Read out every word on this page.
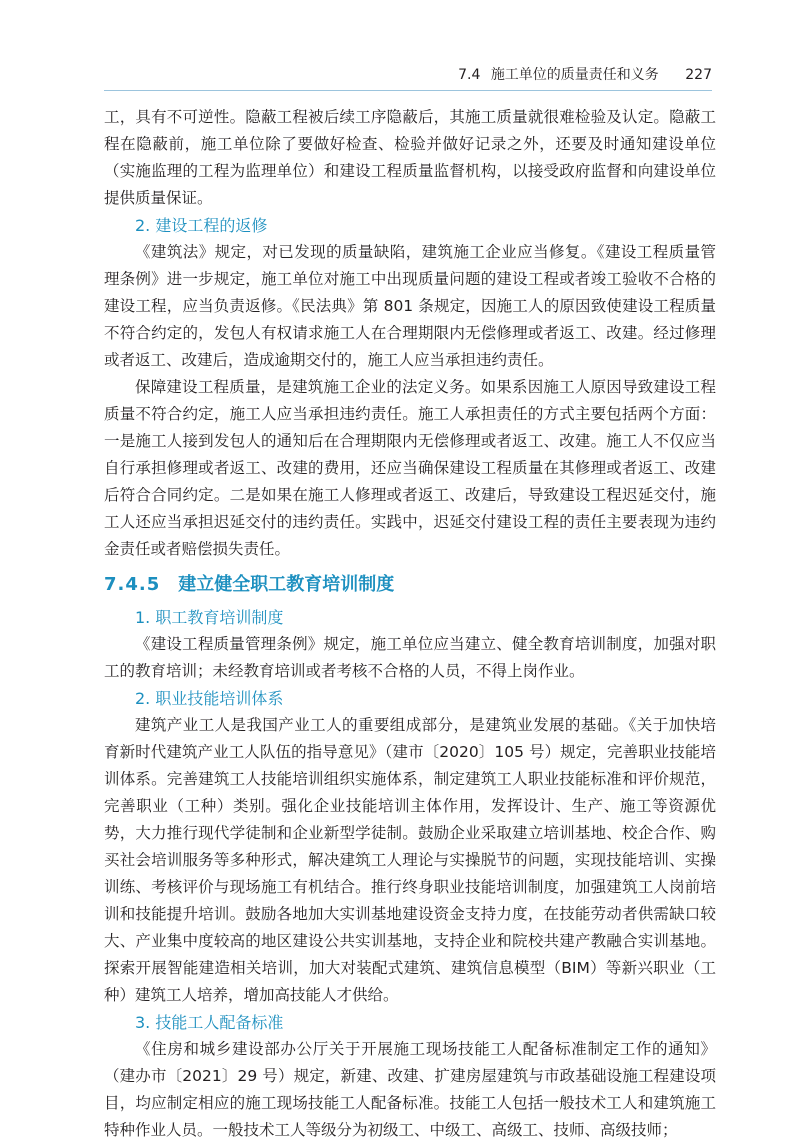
7.4 施工单位的质量责任和义务 227

工，具有不可逆性。隐蔽工程被后续工序隐蔽后，其施工质量就很难检验及认定。隐蔽工程在隐蔽前，施工单位除了要做好检查、检验并做好记录之外，还要及时通知建设单位（实施监理的工程为监理单位）和建设工程质量监督机构，以接受政府监督和向建设单位提供质量保证。

2. 建设工程的返修

《建筑法》规定，对已发现的质量缺陷，建筑施工企业应当修复。《建设工程质量管理条例》进一步规定，施工单位对施工中出现质量问题的建设工程或者竣工验收不合格的建设工程，应当负责返修。《民法典》第 801 条规定，因施工人的原因致使建设工程质量不符合约定的，发包人有权请求施工人在合理期限内无偿修理或者返工、改建。经过修理或者返工、改建后，造成逾期交付的，施工人应当承担违约责任。

保障建设工程质量，是建筑施工企业的法定义务。如果系因施工人原因导致建设工程质量不符合约定，施工人应当承担违约责任。施工人承担责任的方式主要包括两个方面：一是施工人接到发包人的通知后在合理期限内无偿修理或者返工、改建。施工人不仅应当自行承担修理或者返工、改建的费用，还应当确保建设工程质量在其修理或者返工、改建后符合合同约定。二是如果在施工人修理或者返工、改建后，导致建设工程迟延交付，施工人还应当承担迟延交付的违约责任。实践中，迟延交付建设工程的责任主要表现为违约金责任或者赔偿损失责任。

7.4.5 建立健全职工教育培训制度
1. 职工教育培训制度

《建设工程质量管理条例》规定，施工单位应当建立、健全教育培训制度，加强对职工的教育培训；未经教育培训或者考核不合格的人员，不得上岗作业。

2. 职业技能培训体系

建筑产业工人是我国产业工人的重要组成部分，是建筑业发展的基础。《关于加快培育新时代建筑产业工人队伍的指导意见》（建市〔2020〕105 号）规定，完善职业技能培训体系。完善建筑工人技能培训组织实施体系，制定建筑工人职业技能标准和评价规范，完善职业（工种）类别。强化企业技能培训主体作用，发挥设计、生产、施工等资源优势，大力推行现代学徒制和企业新型学徒制。鼓励企业采取建立培训基地、校企合作、购买社会培训服务等多种形式，解决建筑工人理论与实操脱节的问题，实现技能培训、实操训练、考核评价与现场施工有机结合。推行终身职业技能培训制度，加强建筑工人岗前培训和技能提升培训。鼓励各地加大实训基地建设资金支持力度，在技能劳动者供需缺口较大、产业集中度较高的地区建设公共实训基地，支持企业和院校共建产教融合实训基地。探索开展智能建造相关培训，加大对装配式建筑、建筑信息模型（BIM）等新兴职业（工种）建筑工人培养，增加高技能人才供给。

3. 技能工人配备标准

《住房和城乡建设部办公厅关于开展施工现场技能工人配备标准制定工作的通知》（建办市〔2021〕29 号）规定，新建、改建、扩建房屋建筑与市政基础设施工程建设项目，均应制定相应的施工现场技能工人配备标准。技能工人包括一般技术工人和建筑施工特种作业人员。一般技术工人等级分为初级工、中级工、高级工、技师、高级技师；
